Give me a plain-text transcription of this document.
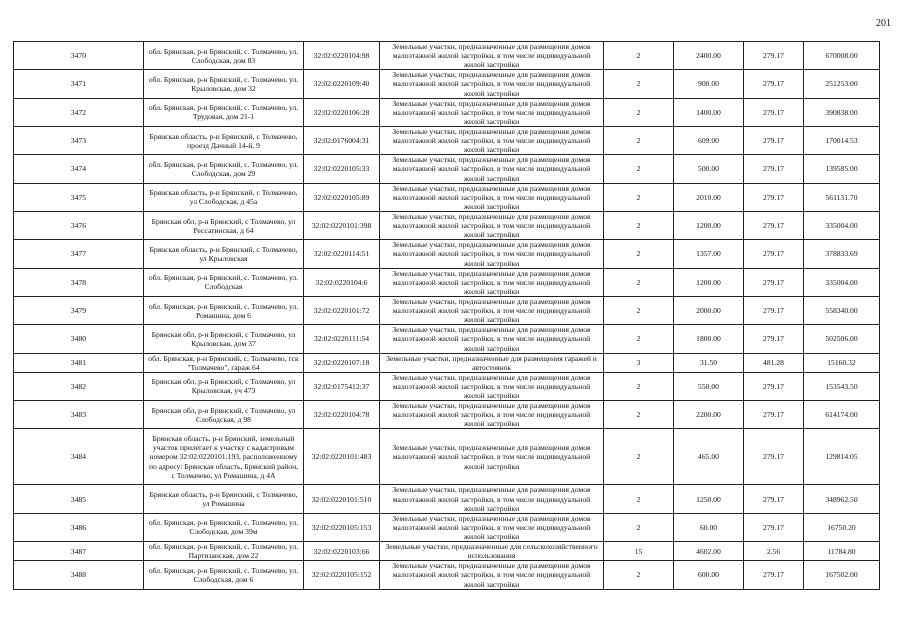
201
3470	обл. Брянская, р-н Брянский, с. Толмачево, ул. Слободская, дом 83	32:02:0220104:98	Земельные участки, предназначенные для размещения домов малоэтажной жилой застройки, в том числе индивидуальной жилой застройки	2	2400.00	279.17	670008.00
3471	обл. Брянская, р-н Брянский, с. Толмачево, ул. Крыловская, дом 32	32:02:0220109:40	Земельные участки, предназначенные для размещения домов малоэтажной жилой застройки, в том числе индивидуальной жилой застройки	2	900.00	279.17	251253.00
3472	обл. Брянская, р-н Брянский, с. Толмачево, ул. Трудовая, дом 21-1	32:02:0220106:28	Земельные участки, предназначенные для размещения домов малоэтажной жилой застройки, в том числе индивидуальной жилой застройки	2	1400.00	279.17	390838.00
3473	Брянская область, р-н Брянский, с Толмачево, проезд Дачный 14-й, 9	32:02:0176004:31	Земельные участки, предназначенные для размещения домов малоэтажной жилой застройки, в том числе индивидуальной жилой застройки	2	609.00	279.17	170014.53
3474	обл. Брянская, р-н Брянский, с. Толмачево, ул. Слободская, дом 29	32:02:0220105:33	Земельные участки, предназначенные для размещения домов малоэтажной жилой застройки, в том числе индивидуальной жилой застройки	2	500.00	279.17	139585.00
3475	Брянская область, р-н Брянский, с Толмачево, ул Слободская, д 45а	32:02:0220105:89	Земельные участки, предназначенные для размещения домов малоэтажной жилой застройки, в том числе индивидуальной жилой застройки	2	2010.00	279.17	561131.70
3476	Брянская обл, р-н Брянский, с Толмачево, ул Рессатинская, д 64	32:02:0220101:398	Земельные участки, предназначенные для размещения домов малоэтажной жилой застройки, в том числе индивидуальной жилой застройки	2	1200.00	279.17	335004.00
3477	Брянская область, р-н Брянский, с Толмачево, ул Крыловская	32:02:0220114:51	Земельные участки, предназначенные для размещения домов малоэтажной жилой застройки, в том числе индивидуальной жилой застройки	2	1357.00	279.17	378833.69
3478	обл. Брянская, р-н Брянский, с. Толмачево, ул. Слободская	32:02:0220104:6	Земельные участки, предназначенные для размещения домов малоэтажной жилой застройки, в том числе индивидуальной жилой застройки	2	1200.00	279.17	335004.00
3479	обл. Брянская, р-н Брянский, с. Толмачево, ул. Ромашина, дом 6	32:02:0220101:72	Земельные участки, предназначенные для размещения домов малоэтажной жилой застройки, в том числе индивидуальной жилой застройки	2	2000.00	279.17	558340.00
3480	Брянская обл, р-н Брянский, с Толмачево, ул Крыловская, дом 37	32:02:0220111:54	Земельные участки, предназначенные для размещения домов малоэтажной жилой застройки, в том числе индивидуальной жилой застройки	2	1800.00	279.17	502506.00
3481	обл. Брянская, р-н Брянский, с. Толмачево, гск "Толмачево", гараж 64	32:02:0220107:18	Земельные участки, предназначенные для размещения гаражей и автостоянок	3	31.50	481.28	15160.32
3482	Брянская обл, р-н Брянский, с Толмачево, ул Крыловская, уч 473	32:02:0175412:37	Земельные участки, предназначенные для размещения домов малоэтажной жилой застройки, в том числе индивидуальной жилой застройки	2	550.00	279.17	153543.50
3483	Брянская обл, р-н Брянский, с Толмачево, ул Слободская, д 98	32:02:0220104:78	Земельные участки, предназначенные для размещения домов малоэтажной жилой застройки, в том числе индивидуальной жилой застройки	2	2200.00	279.17	614174.00
3484	Брянская область, р-н Брянский, земельный участок прилегает к участку с кадастровым номером 32:02:0220101:193, расположенному по адресу: Брянская область, Брянский район, с Толмачево, ул Ромашина, д 4А	32:02:0220101:483	Земельные участки, предназначенные для размещения домов малоэтажной жилой застройки, в том числе индивидуальной жилой застройки	2	465.00	279.17	129814.05
3485	Брянская область, р-н Брянский, с Толмачево, ул Ромашина	32:02:0220101:510	Земельные участки, предназначенные для размещения домов малоэтажной жилой застройки, в том числе индивидуальной жилой застройки	2	1250.00	279.17	348962.50
3486	обл. Брянская, р-н Брянский, с. Толмачево, ул. Слободская, дом 39м	32:02:0220105:153	Земельные участки, предназначенные для размещения домов малоэтажной жилой застройки, в том числе индивидуальной жилой застройки	2	60.00	279.17	16750.20
3487	обл. Брянская, р-н Брянский, с. Толмачево, ул. Партизанская, дом 22	32:02:0220103:66	Земельные участки, предназначенные для сельскохозяйственного использования	15	4602.00	2.56	11784.80
3488	обл. Брянская, р-н Брянский, с. Толмачево, ул. Слободская, дом 6	32:02:0220105:152	Земельные участки, предназначенные для размещения домов малоэтажной жилой застройки, в том числе индивидуальной жилой застройки	2	600.00	279.17	167502.00
